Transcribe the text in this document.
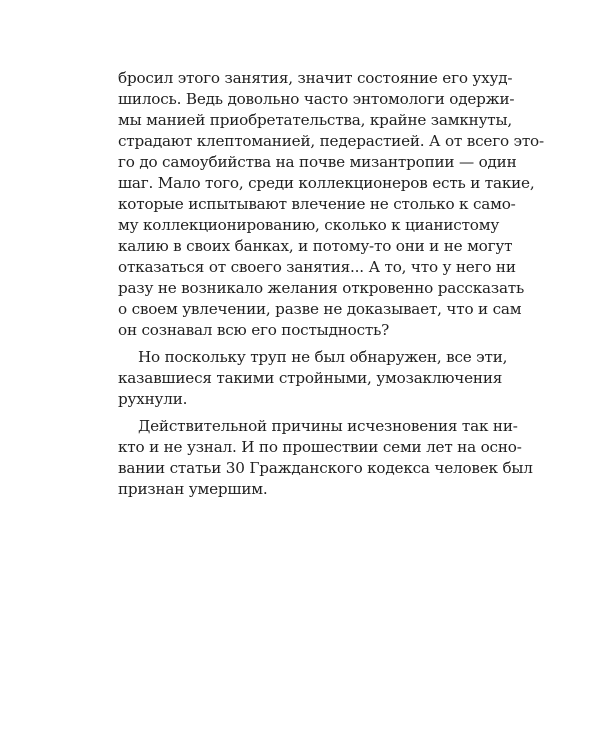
бросил этого занятия, значит состояние его ухуд-
шилось. Ведь довольно часто энтомологи одержи-
мы манией приобретательства, крайне замкнуты,
страдают клептоманией, педерастией. А от всего это-
го до самоубийства на почве мизантропии — один
шаг. Мало того, среди коллекционеров есть и такие,
которые испытывают влечение не столько к само-
му коллекционированию, сколько к цианистому
калию в своих банках, и потому-то они и не могут
отказаться от своего занятия... А то, что у него ни
разу не возникало желания откровенно рассказать
о своем увлечении, разве не доказывает, что и сам
он сознавал всю его постыдность?
Но поскольку труп не был обнаружен, все эти,
казавшиеся такими стройными, умозаключения
рухнули.
Действительной причины исчезновения так ни-
кто и не узнал. И по прошествии семи лет на осно-
вании статьи 30 Гражданского кодекса человек был
признан умершим.
